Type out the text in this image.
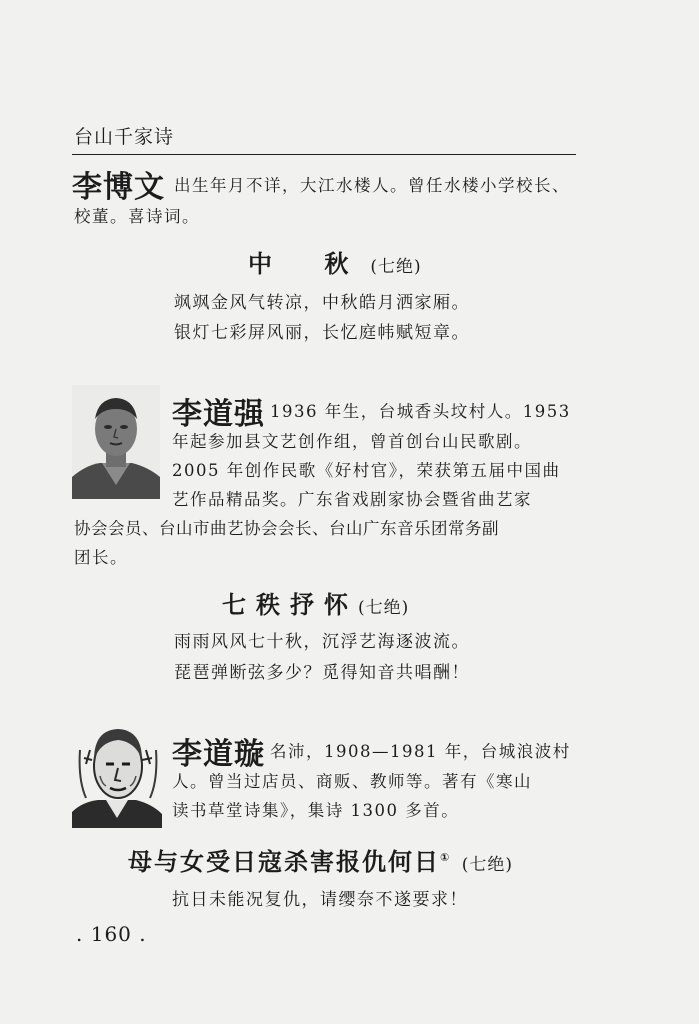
台山千家诗
李博文 出生年月不详，大江水楼人。曾任水楼小学校长、
校董。喜诗词。
中 秋(七绝)
飒飒金风气转凉，中秋皓月洒家厢。
银灯七彩屏风丽，长忆庭帏赋短章。
李道强 1936 年生，台城香头坟村人。1953
年起参加县文艺创作组，曾首创台山民歌剧。
2005 年创作民歌《好村官》，荣获第五届中国曲
艺作品精品奖。广东省戏剧家协会暨省曲艺家
协会会员、台山市曲艺协会会长、台山广东音乐团常务副
团长。
七秩抒怀(七绝)
雨雨风风七十秋，沉浮艺海逐波流。
琵琶弹断弦多少？觅得知音共唱酬！
李道璇 名沛，1908—1981 年，台城浪波村
人。曾当过店员、商贩、教师等。著有《寒山
读书草堂诗集》，集诗 1300 多首。
母与女受日寇杀害报仇何日① (七绝)
抗日未能况复仇，请缨奈不遂要求！
. 160 .
